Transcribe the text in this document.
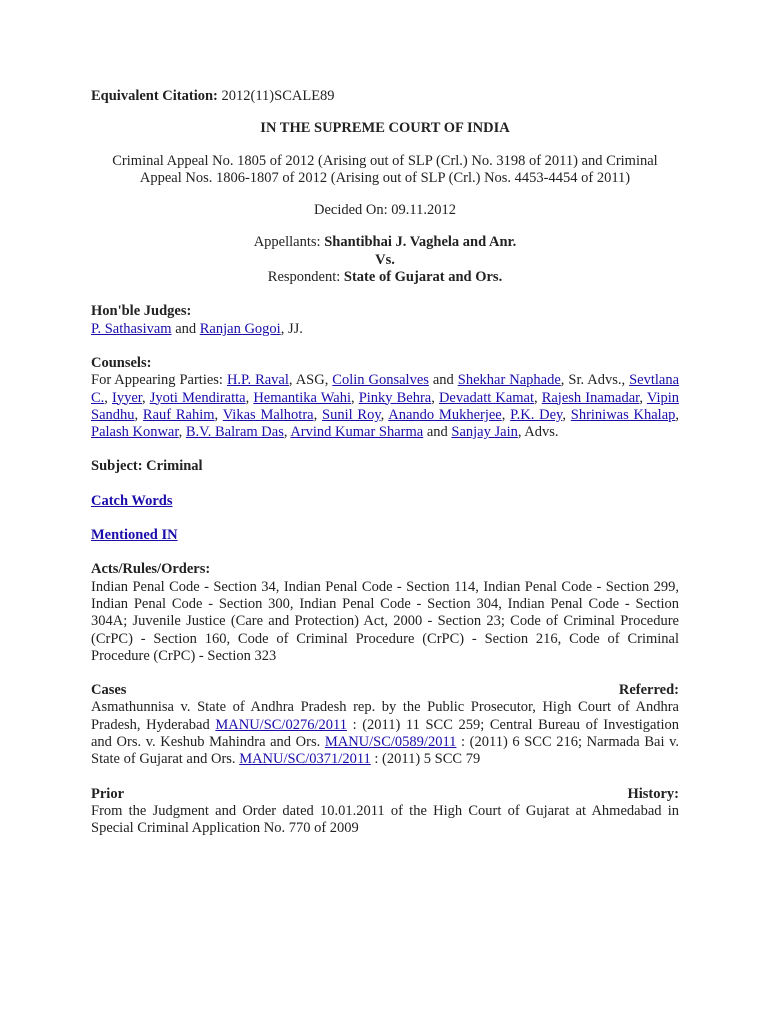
Equivalent Citation: 2012(11)SCALE89

IN THE SUPREME COURT OF INDIA

Criminal Appeal No. 1805 of 2012 (Arising out of SLP (Crl.) No. 3198 of 2011) and Criminal
Appeal Nos. 1806-1807 of 2012 (Arising out of SLP (Crl.) Nos. 4453-4454 of 2011)

Decided On: 09.11.2012

Appellants: Shantibhai J. Vaghela and Anr.
Vs.
Respondent: State of Gujarat and Ors.

Hon'ble Judges:

P. Sathasivam and Ranjan Gogoi, JJ.

Counsels:

For Appearing Parties: H.P. Raval, ASG, Colin Gonsalves and Shekhar Naphade, Sr. Advs., Sevtlana C., Iyyer, Jyoti Mendiratta, Hemantika Wahi, Pinky Behra, Devadatt Kamat, Rajesh Inamadar, Vipin Sandhu, Rauf Rahim, Vikas Malhotra, Sunil Roy, Anando Mukherjee, P.K. Dey, Shriniwas Khalap, Palash Konwar, B.V. Balram Das, Arvind Kumar Sharma and Sanjay Jain, Advs.

Subject: Criminal

Catch Words

Mentioned IN

Acts/Rules/Orders:

Indian Penal Code - Section 34, Indian Penal Code - Section 114, Indian Penal Code - Section 299, Indian Penal Code - Section 300, Indian Penal Code - Section 304, Indian Penal Code - Section 304A; Juvenile Justice (Care and Protection) Act, 2000 - Section 23; Code of Criminal Procedure (CrPC) - Section 160, Code of Criminal Procedure (CrPC) - Section 216, Code of Criminal Procedure (CrPC) - Section 323

Cases	Referred:

Asmathunnisa v. State of Andhra Pradesh rep. by the Public Prosecutor, High Court of Andhra Pradesh, Hyderabad MANU/SC/0276/2011 : (2011) 11 SCC 259; Central Bureau of Investigation and Ors. v. Keshub Mahindra and Ors. MANU/SC/0589/2011 : (2011) 6 SCC 216; Narmada Bai v. State of Gujarat and Ors. MANU/SC/0371/2011 : (2011) 5 SCC 79

Prior	History:

From the Judgment and Order dated 10.01.2011 of the High Court of Gujarat at Ahmedabad in Special Criminal Application No. 770 of 2009
